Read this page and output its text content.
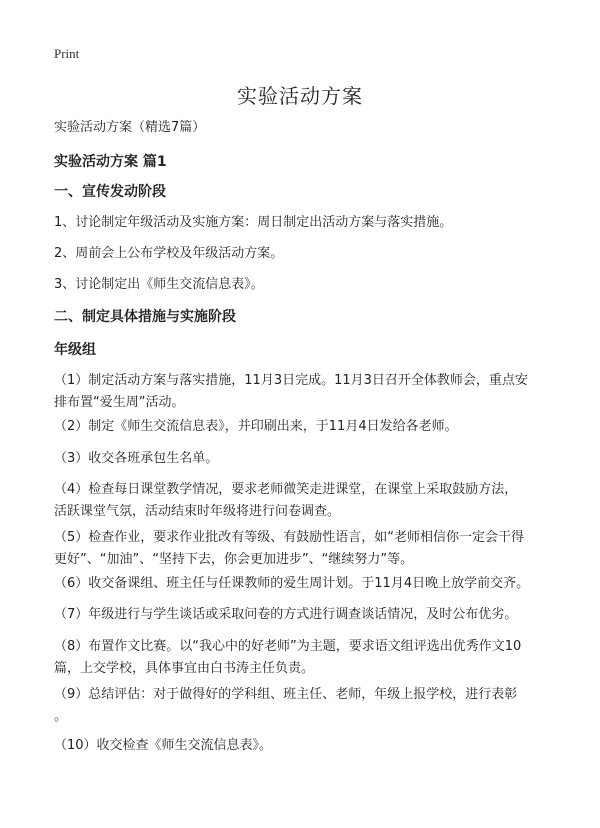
Print
实验活动方案
实验活动方案（精选7篇）
实验活动方案 篇1
一、宣传发动阶段
1、讨论制定年级活动及实施方案：周日制定出活动方案与落实措施。
2、周前会上公布学校及年级活动方案。
3、讨论制定出《师生交流信息表》。
二、制定具体措施与实施阶段
年级组
（1）制定活动方案与落实措施，11月3日完成。11月3日召开全体教师会，重点安
排布置“爱生周”活动。
（2）制定《师生交流信息表》，并印刷出来，于11月4日发给各老师。
（3）收交各班承包生名单。
（4）检查每日课堂教学情况，要求老师微笑走进课堂，在课堂上采取鼓励方法，
活跃课堂气氛，活动结束时年级将进行问卷调查。
（5）检查作业，要求作业批改有等级、有鼓励性语言，如“老师相信你一定会干得
更好”、“加油”、“坚持下去，你会更加进步”、“继续努力”等。
（6）收交备课组、班主任与任课教师的爱生周计划。于11月4日晚上放学前交齐。
（7）年级进行与学生谈话或采取问卷的方式进行调查谈话情况，及时公布优劣。
（8）布置作文比赛。以“我心中的好老师”为主题，要求语文组评选出优秀作文10
篇，上交学校，具体事宜由白书涛主任负责。
（9）总结评估：对于做得好的学科组、班主任、老师，年级上报学校，进行表彰
。
（10）收交检查《师生交流信息表》。
